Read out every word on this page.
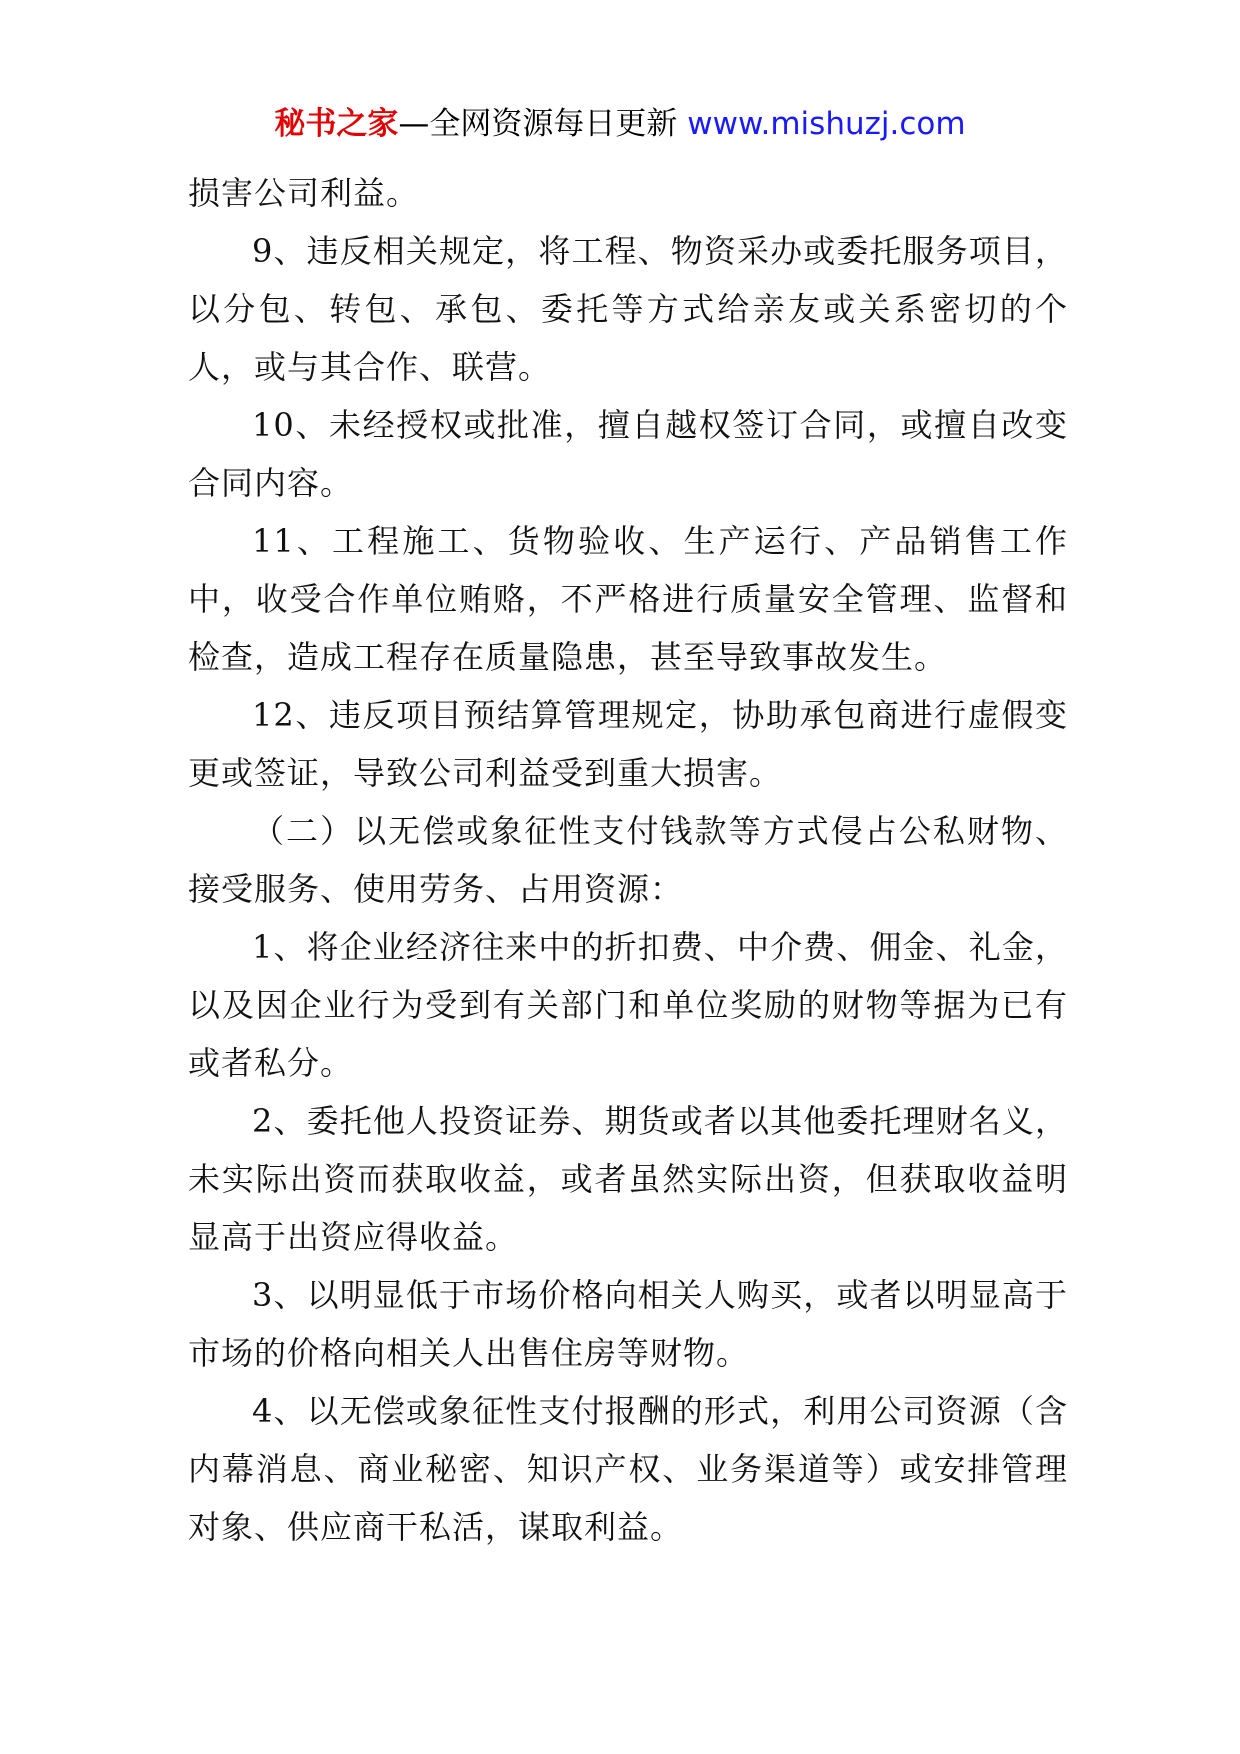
秘书之家—全网资源每日更新 www.mishuzj.com

损害公司利益。

9、违反相关规定，将工程、物资采办或委托服务项目，以分包、转包、承包、委托等方式给亲友或关系密切的个人，或与其合作、联营。

10、未经授权或批准，擅自越权签订合同，或擅自改变合同内容。

11、工程施工、货物验收、生产运行、产品销售工作中，收受合作单位贿赂，不严格进行质量安全管理、监督和检查，造成工程存在质量隐患，甚至导致事故发生。

12、违反项目预结算管理规定，协助承包商进行虚假变更或签证，导致公司利益受到重大损害。

（二）以无偿或象征性支付钱款等方式侵占公私财物、接受服务、使用劳务、占用资源：

1、将企业经济往来中的折扣费、中介费、佣金、礼金，以及因企业行为受到有关部门和单位奖励的财物等据为已有或者私分。

2、委托他人投资证券、期货或者以其他委托理财名义，未实际出资而获取收益，或者虽然实际出资，但获取收益明显高于出资应得收益。

3、以明显低于市场价格向相关人购买，或者以明显高于市场的价格向相关人出售住房等财物。

4、以无偿或象征性支付报酬的形式，利用公司资源（含内幕消息、商业秘密、知识产权、业务渠道等）或安排管理对象、供应商干私活，谋取利益。
